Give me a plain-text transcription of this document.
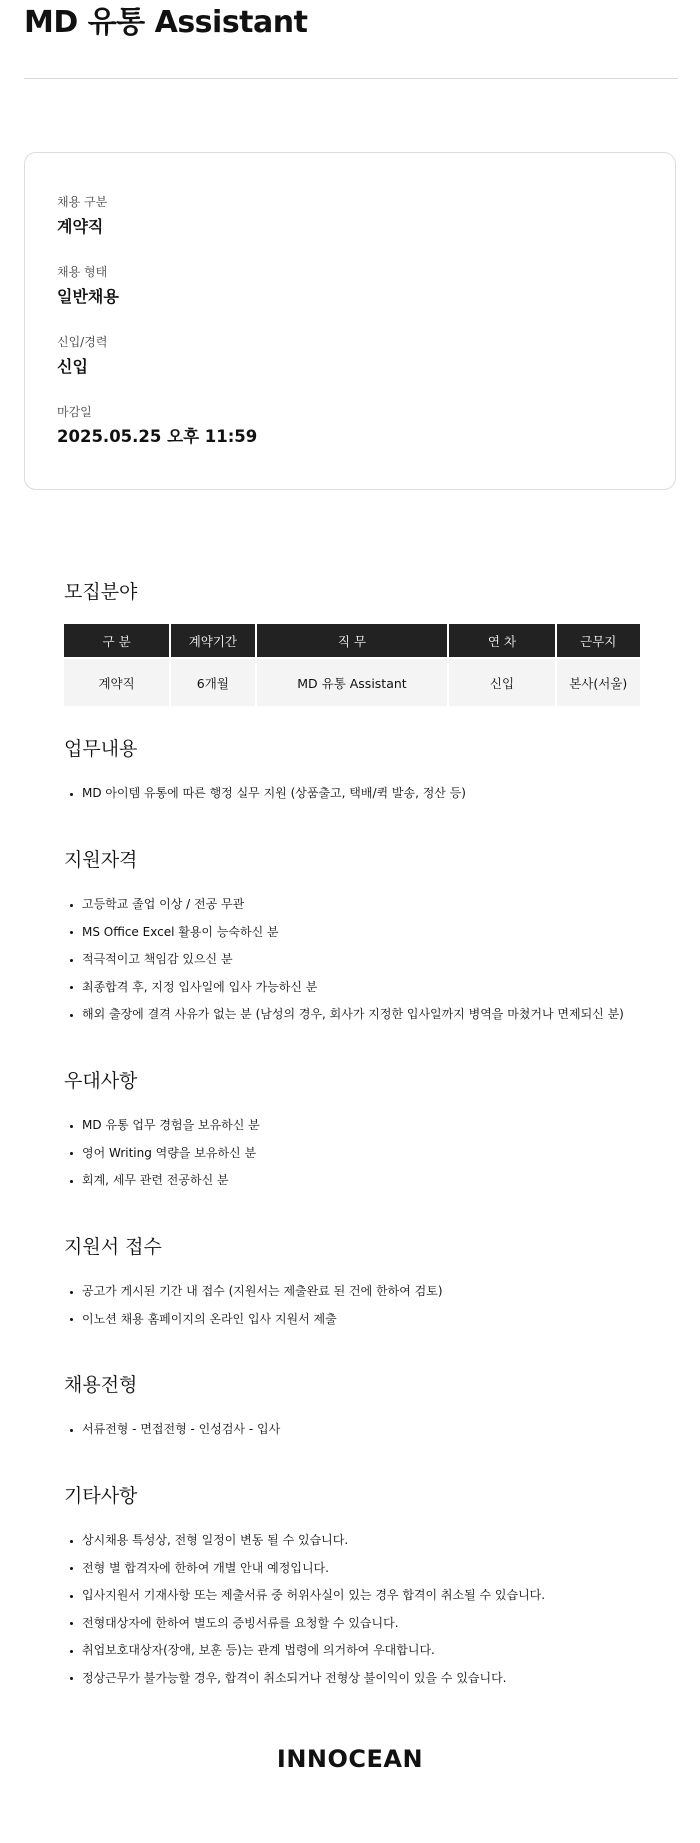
MD 유통 Assistant
채용 구분
계약직
채용 형태
일반채용
신입/경력
신입
마감일
2025.05.25 오후 11:59
모집분야
구 분	계약기간	직 무	연 차	근무지
계약직	6개월	MD 유통 Assistant	신입	본사(서울)
업무내용
MD 아이템 유통에 따른 행정 실무 지원 (상품출고, 택배/퀵 발송, 정산 등)
지원자격
고등학교 졸업 이상 / 전공 무관
MS Office Excel 활용이 능숙하신 분
적극적이고 책임감 있으신 분
최종합격 후, 지정 입사일에 입사 가능하신 분
해외 출장에 결격 사유가 없는 분 (남성의 경우, 회사가 지정한 입사일까지 병역을 마쳤거나 면제되신 분)
우대사항
MD 유통 업무 경험을 보유하신 분
영어 Writing 역량을 보유하신 분
회계, 세무 관련 전공하신 분
지원서 접수
공고가 게시된 기간 내 접수 (지원서는 제출완료 된 건에 한하여 검토)
이노션 채용 홈페이지의 온라인 입사 지원서 제출
채용전형
서류전형 - 면접전형 - 인성검사 - 입사
기타사항
상시채용 특성상, 전형 일정이 변동 될 수 있습니다.
전형 별 합격자에 한하여 개별 안내 예정입니다.
입사지원서 기재사항 또는 제출서류 중 허위사실이 있는 경우 합격이 취소될 수 있습니다.
전형대상자에 한하여 별도의 증빙서류를 요청할 수 있습니다.
취업보호대상자(장애, 보훈 등)는 관계 법령에 의거하여 우대합니다.
정상근무가 불가능할 경우, 합격이 취소되거나 전형상 불이익이 있을 수 있습니다.
INNOCEAN
